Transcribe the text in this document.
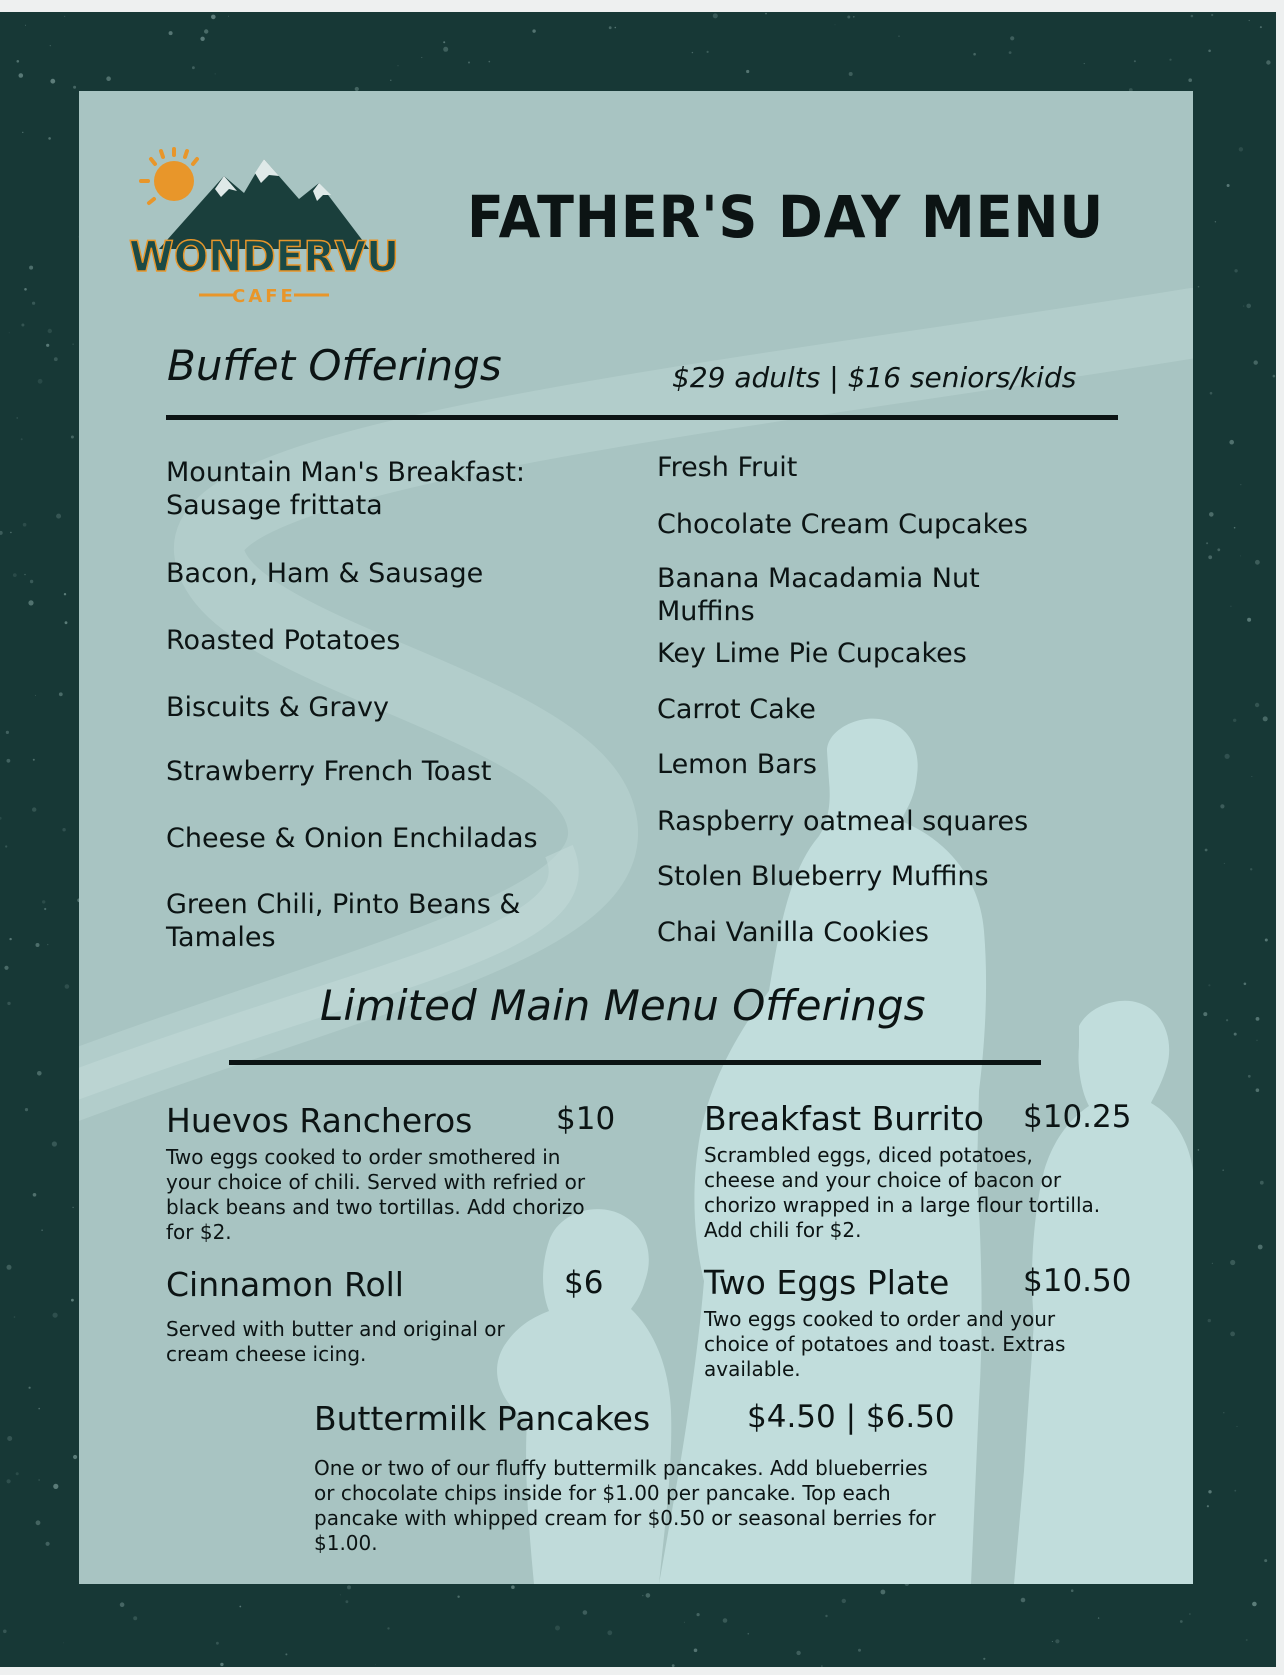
WONDERVU
CAFE
FATHER'S DAY MENU
Buffet Offerings	$29 adults | $16 seniors/kids
Mountain Man's Breakfast:
Sausage frittata
Bacon, Ham & Sausage
Roasted Potatoes
Biscuits & Gravy
Strawberry French Toast
Cheese & Onion Enchiladas
Green Chili, Pinto Beans &
Tamales
Fresh Fruit
Chocolate Cream Cupcakes
Banana Macadamia Nut
Muffins
Key Lime Pie Cupcakes
Carrot Cake
Lemon Bars
Raspberry oatmeal squares
Stolen Blueberry Muffins
Chai Vanilla Cookies
Limited Main Menu Offerings
Huevos Rancheros	$10
Two eggs cooked to order smothered in your choice of chili. Served with refried or black beans and two tortillas. Add chorizo for $2.
Breakfast Burrito $10.25
Scrambled eggs, diced potatoes, cheese and your choice of bacon or chorizo wrapped in a large flour tortilla. Add chili for $2.
Cinnamon Roll	$6
Served with butter and original or cream cheese icing.
Two Eggs Plate $10.50
Two eggs cooked to order and your choice of potatoes and toast. Extras available.
Buttermilk Pancakes	$4.50 | $6.50
One or two of our fluffy buttermilk pancakes. Add blueberries or chocolate chips inside for $1.00 per pancake. Top each pancake with whipped cream for $0.50 or seasonal berries for $1.00.
